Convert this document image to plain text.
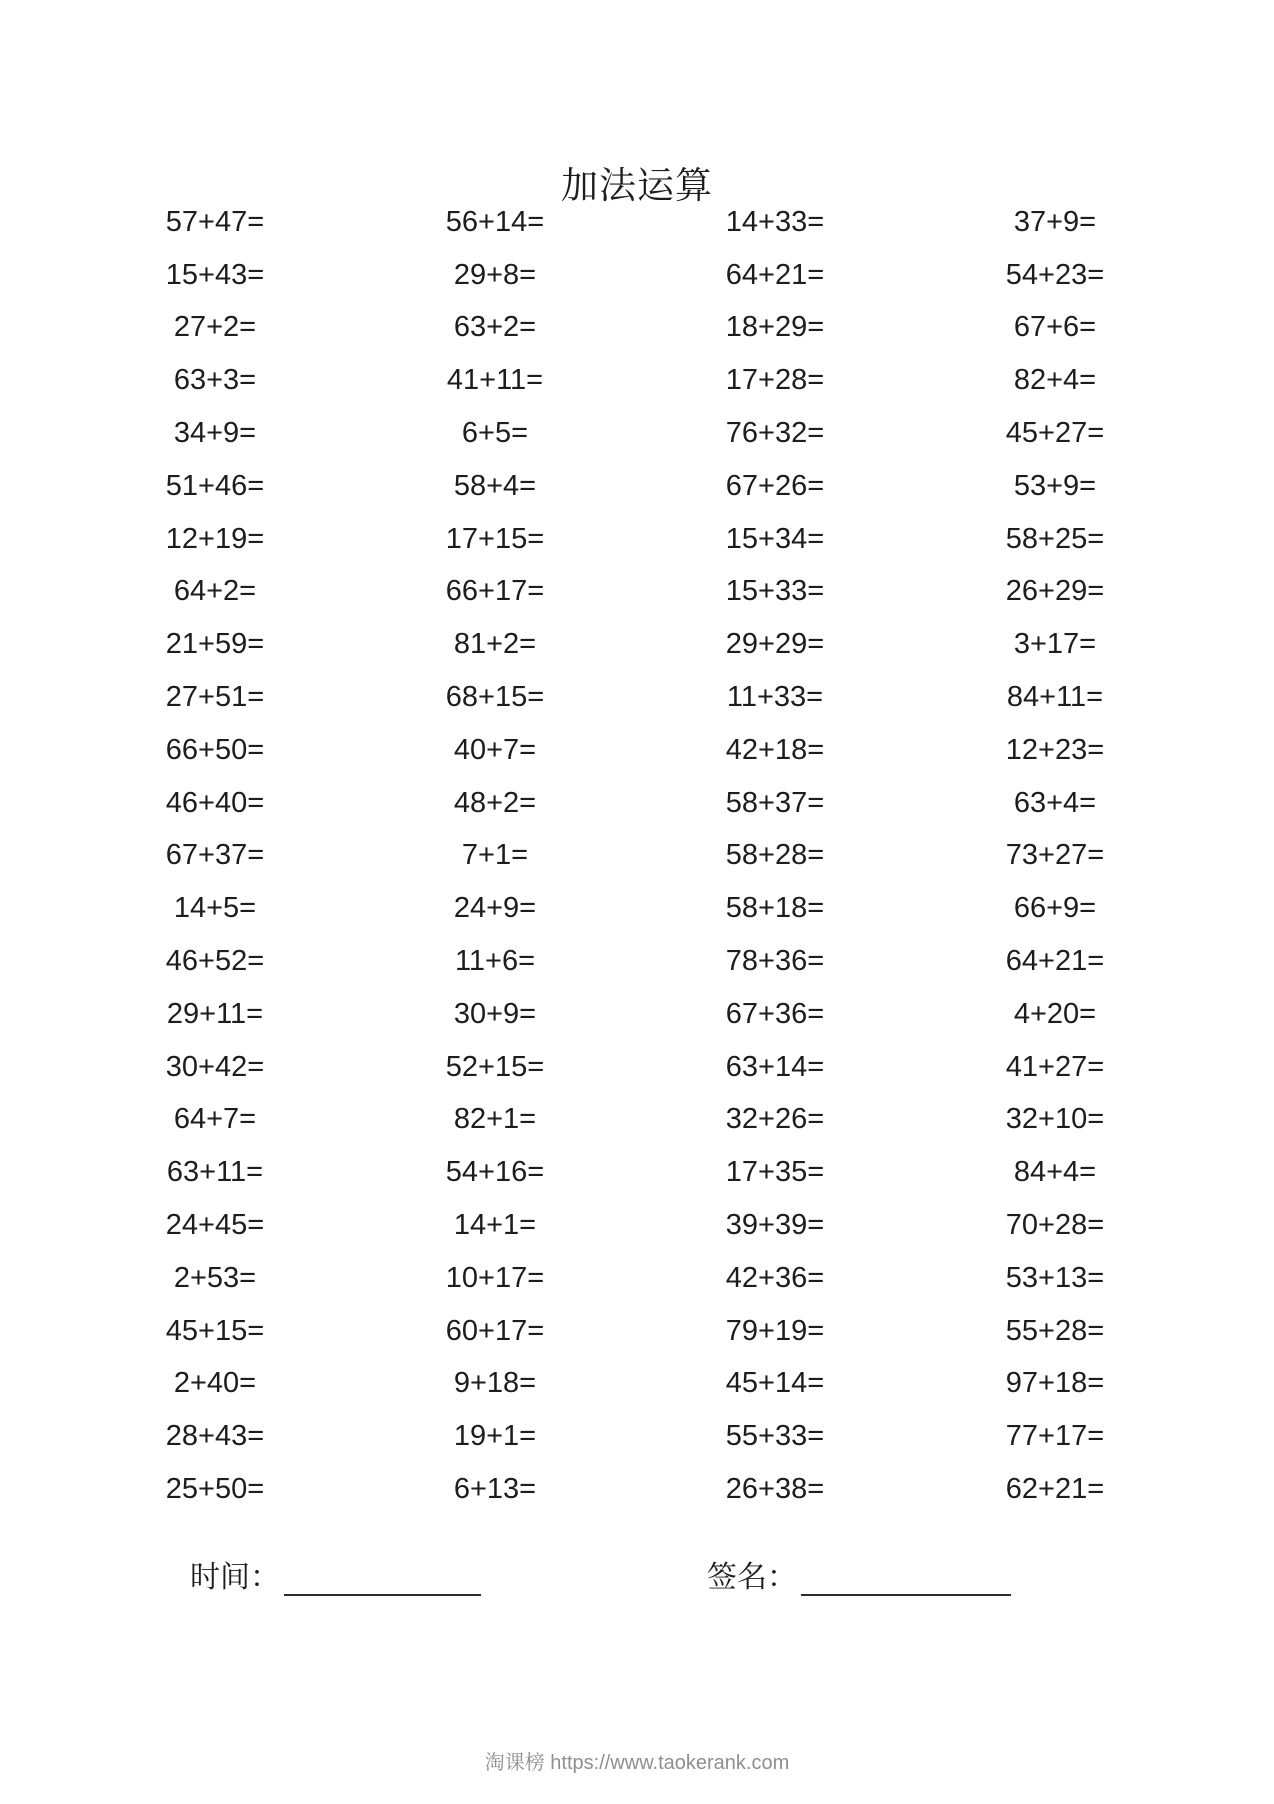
加法运算
57+47=	56+14=	14+33=	37+9=
15+43=	29+8=	64+21=	54+23=
27+2=	63+2=	18+29=	67+6=
63+3=	41+11=	17+28=	82+4=
34+9=	6+5=	76+32=	45+27=
51+46=	58+4=	67+26=	53+9=
12+19=	17+15=	15+34=	58+25=
64+2=	66+17=	15+33=	26+29=
21+59=	81+2=	29+29=	3+17=
27+51=	68+15=	11+33=	84+11=
66+50=	40+7=	42+18=	12+23=
46+40=	48+2=	58+37=	63+4=
67+37=	7+1=	58+28=	73+27=
14+5=	24+9=	58+18=	66+9=
46+52=	11+6=	78+36=	64+21=
29+11=	30+9=	67+36=	4+20=
30+42=	52+15=	63+14=	41+27=
64+7=	82+1=	32+26=	32+10=
63+11=	54+16=	17+35=	84+4=
24+45=	14+1=	39+39=	70+28=
2+53=	10+17=	42+36=	53+13=
45+15=	60+17=	79+19=	55+28=
2+40=	9+18=	45+14=	97+18=
28+43=	19+1=	55+33=	77+17=
25+50=	6+13=	26+38=	62+21=
时间：	签名：
淘课榜 https://www.taokerank.com
